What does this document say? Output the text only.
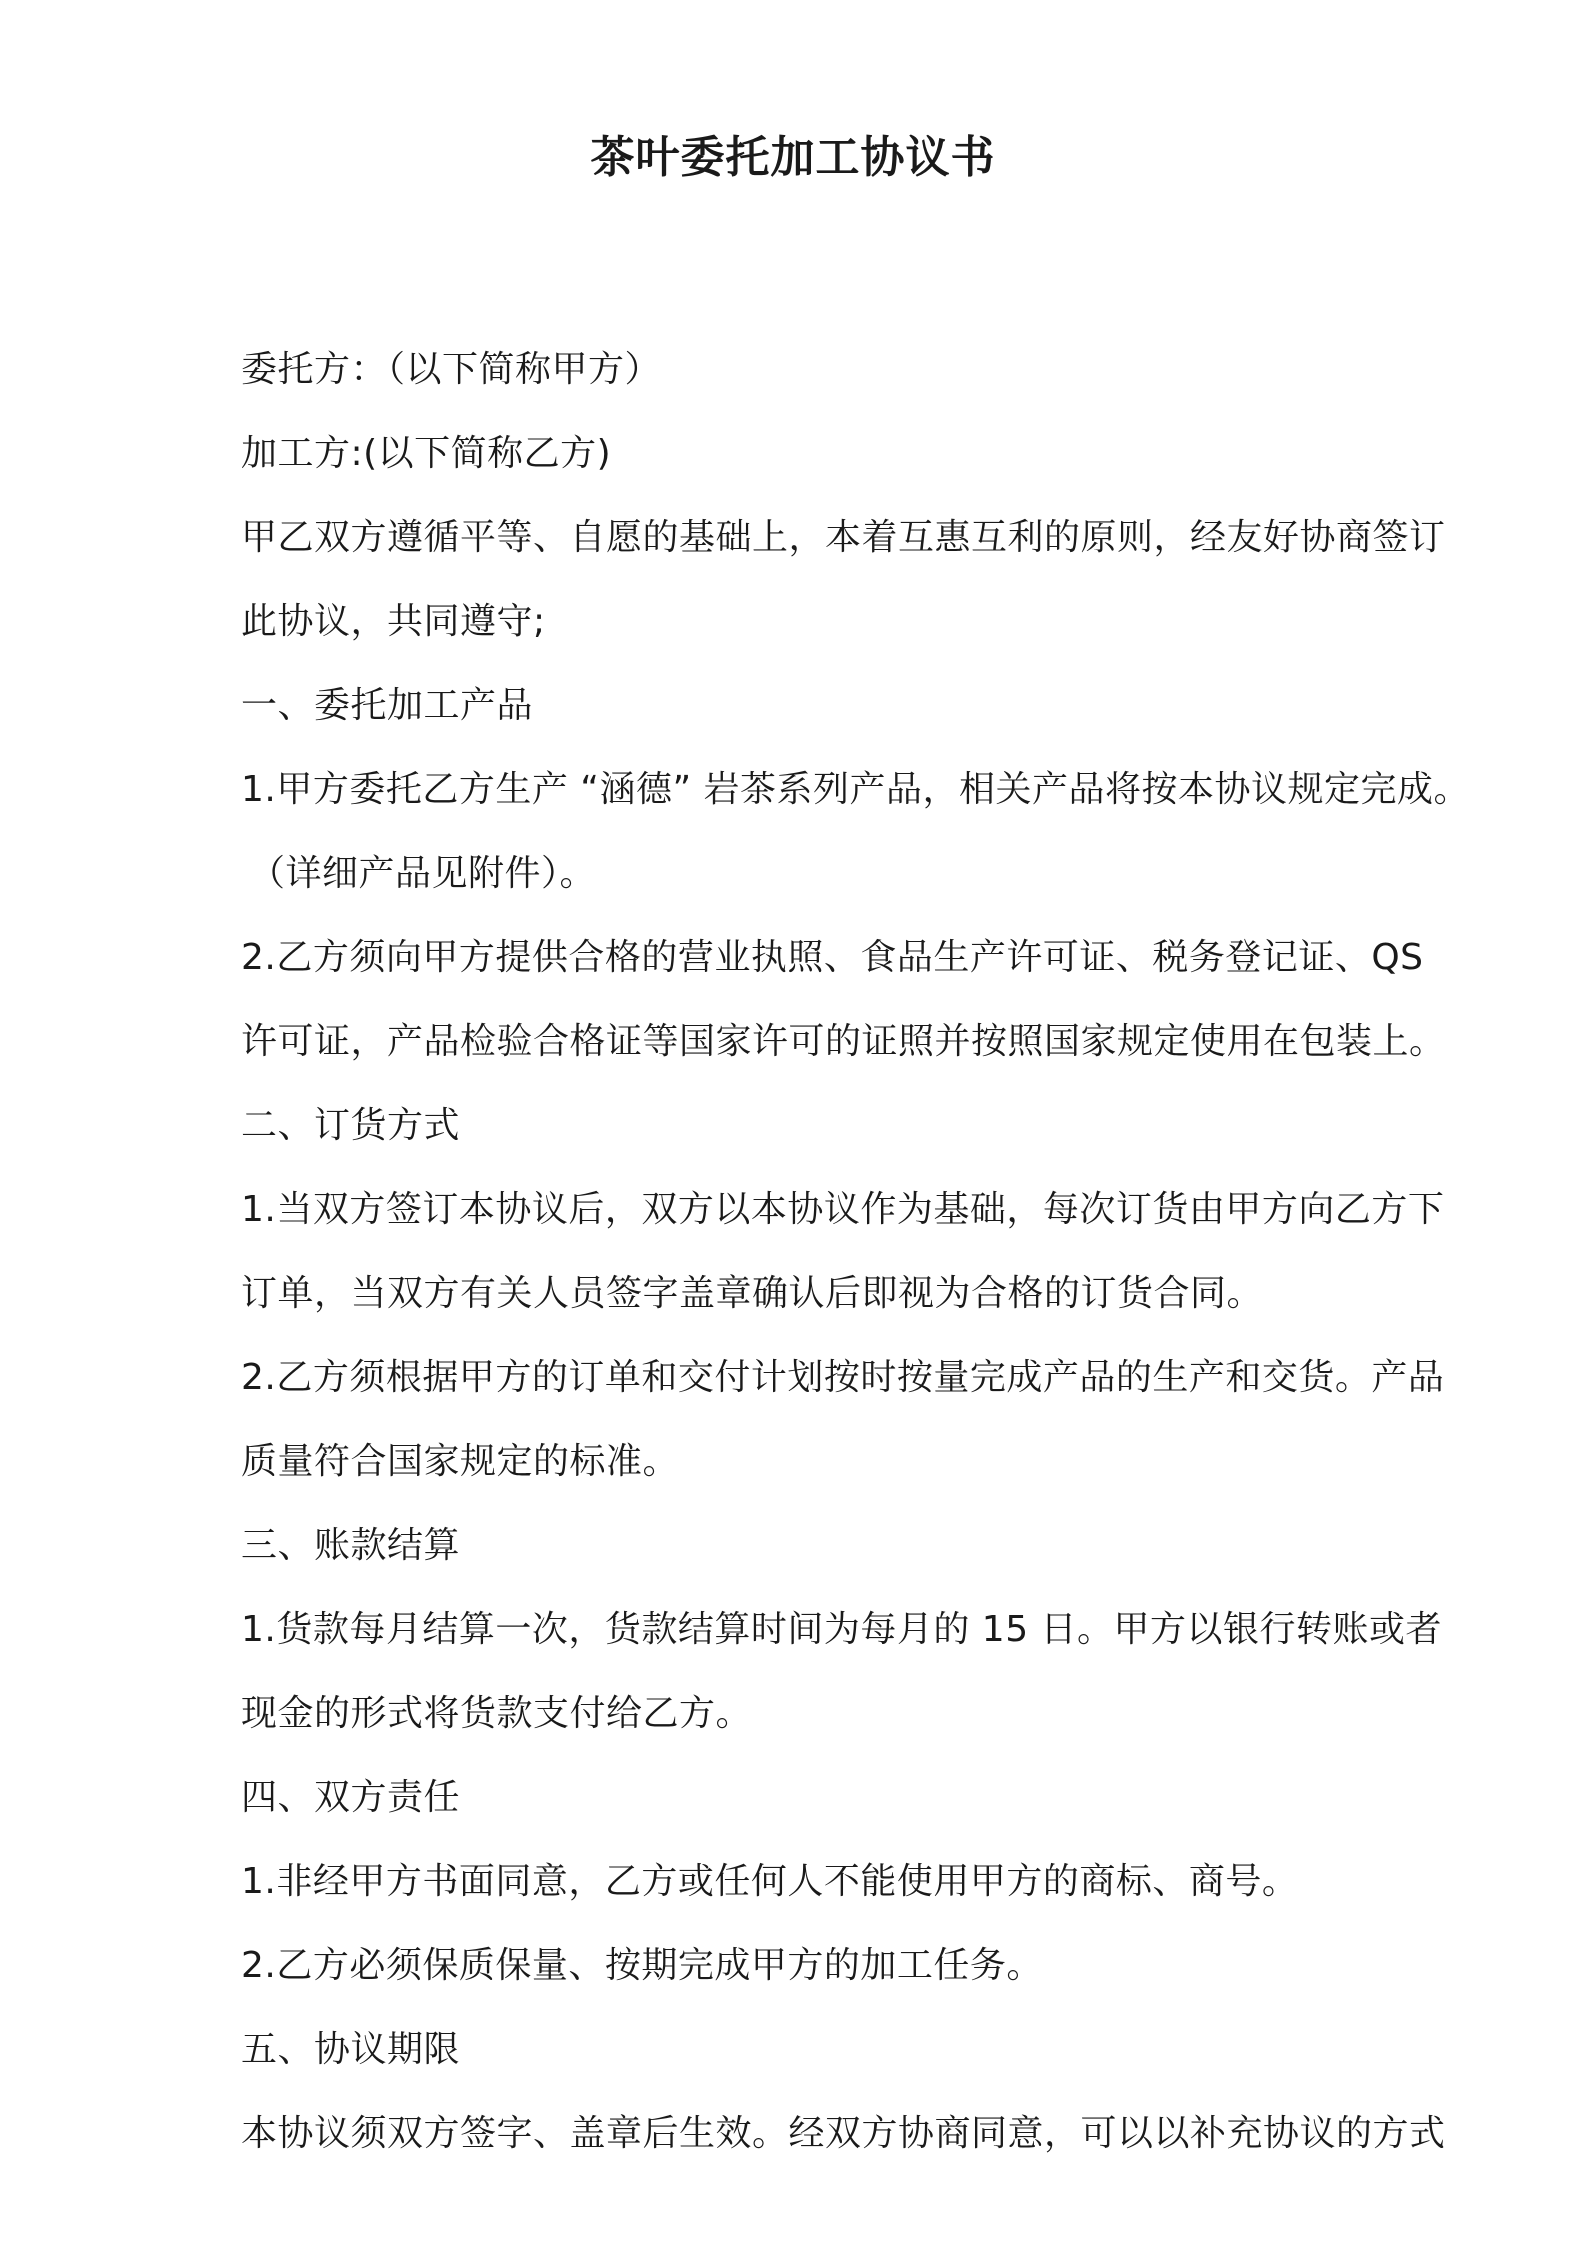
茶叶委托加工协议书
委托方：（以下简称甲方）
加工方:(以下简称乙方)
甲乙双方遵循平等、自愿的基础上，本着互惠互利的原则，经友好协商签订
此协议，共同遵守;
一、委托加工产品
1.甲方委托乙方生产 “涵德” 岩茶系列产品，相关产品将按本协议规定完成。
（详细产品见附件）。
2.乙方须向甲方提供合格的营业执照、食品生产许可证、税务登记证、QS
许可证，产品检验合格证等国家许可的证照并按照国家规定使用在包装上。
二、订货方式
1.当双方签订本协议后，双方以本协议作为基础，每次订货由甲方向乙方下
订单，当双方有关人员签字盖章确认后即视为合格的订货合同。
2.乙方须根据甲方的订单和交付计划按时按量完成产品的生产和交货。产品
质量符合国家规定的标准。
三、账款结算
1.货款每月结算一次，货款结算时间为每月的 15 日。甲方以银行转账或者
现金的形式将货款支付给乙方。
四、双方责任
1.非经甲方书面同意，乙方或任何人不能使用甲方的商标、商号。
2.乙方必须保质保量、按期完成甲方的加工任务。
五、协议期限
本协议须双方签字、盖章后生效。经双方协商同意，可以以补充协议的方式
